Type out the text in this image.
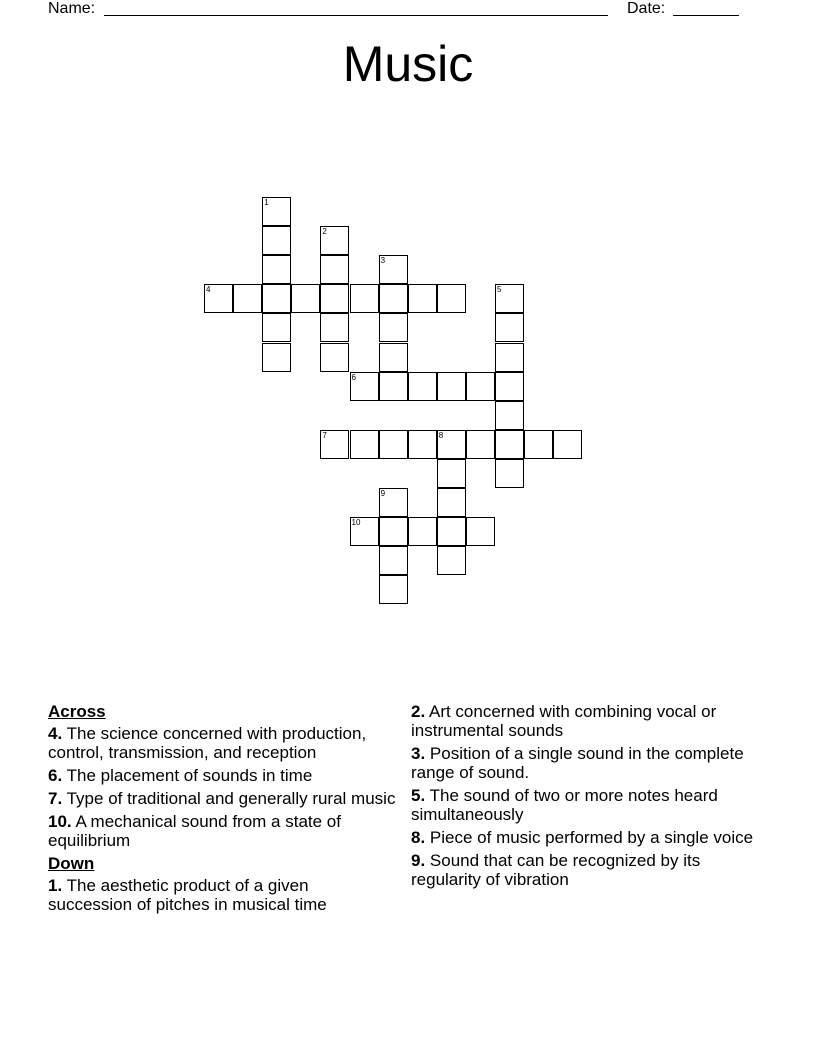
Name:	Date:
Music
1
2
3
4	5
6
7	8
9
10
Across
4. The science concerned with production, control, transmission, and reception
6. The placement of sounds in time
7. Type of traditional and generally rural music
10. A mechanical sound from a state of equilibrium
Down
1. The aesthetic product of a given succession of pitches in musical time
2. Art concerned with combining vocal or instrumental sounds
3. Position of a single sound in the complete range of sound.
5. The sound of two or more notes heard simultaneously
8. Piece of music performed by a single voice
9. Sound that can be recognized by its regularity of vibration
